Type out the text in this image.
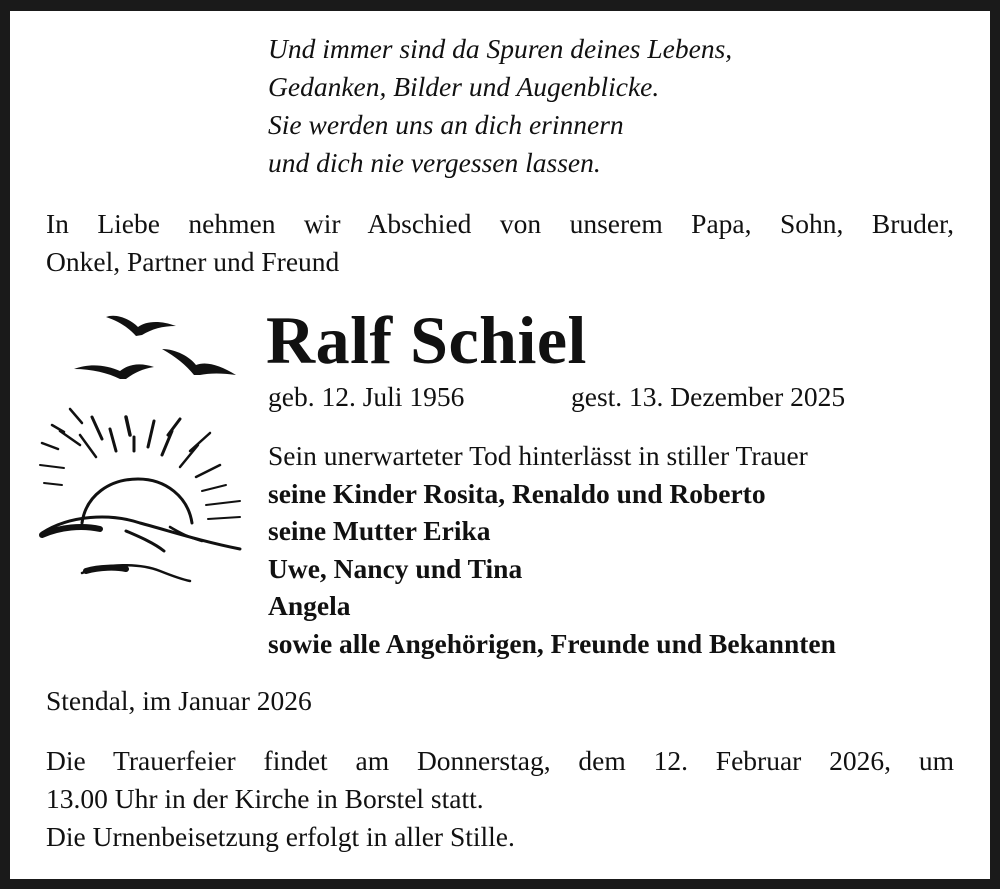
Und immer sind da Spuren deines Lebens,
Gedanken, Bilder und Augenblicke.
Sie werden uns an dich erinnern
und dich nie vergessen lassen.
In Liebe nehmen wir Abschied von unserem Papa, Sohn, Bruder,
Onkel, Partner und Freund
Ralf Schiel
geb. 12. Juli 1956	gest. 13. Dezember 2025
Sein unerwarteter Tod hinterlässt in stiller Trauer
seine Kinder Rosita, Renaldo und Roberto
seine Mutter Erika
Uwe, Nancy und Tina
Angela
sowie alle Angehörigen, Freunde und Bekannten
Stendal, im Januar 2026
Die Trauerfeier findet am Donnerstag, dem 12. Februar 2026, um
13.00 Uhr in der Kirche in Borstel statt.
Die Urnenbeisetzung erfolgt in aller Stille.
